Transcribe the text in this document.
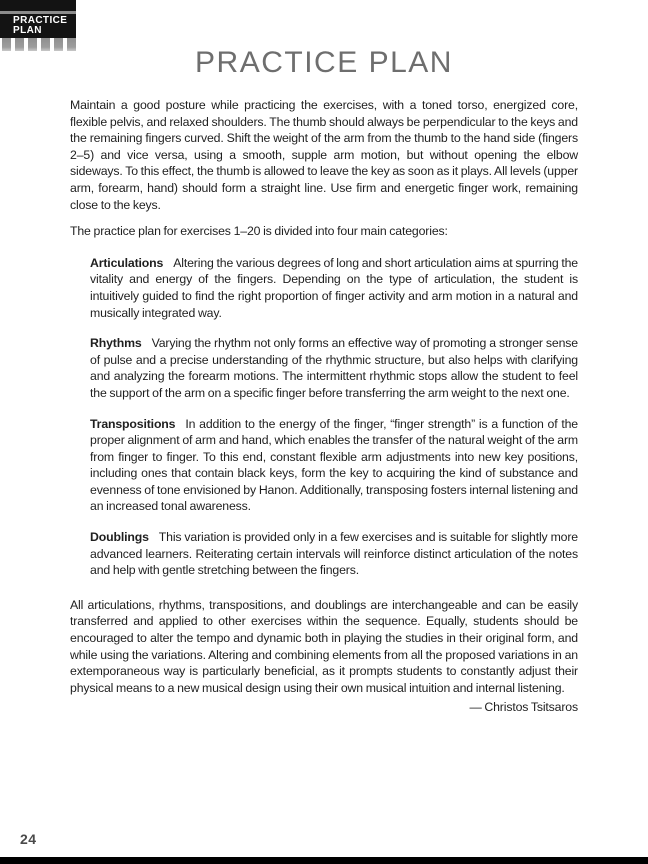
PRACTICE
PLAN
PRACTICE PLAN

Maintain a good posture while practicing the exercises, with a toned torso, energized core, flexible pelvis, and relaxed shoulders. The thumb should always be perpendicular to the keys and the remaining fingers curved. Shift the weight of the arm from the thumb to the hand side (fingers 2–5) and vice versa, using a smooth, supple arm motion, but without opening the elbow sideways. To this effect, the thumb is allowed to leave the key as soon as it plays. All levels (upper arm, forearm, hand) should form a straight line. Use firm and energetic finger work, remaining close to the keys.

The practice plan for exercises 1–20 is divided into four main categories:

Articulations Altering the various degrees of long and short articulation aims at spurring the vitality and energy of the fingers. Depending on the type of articulation, the student is intuitively guided to find the right proportion of finger activity and arm motion in a natural and musically integrated way.

Rhythms Varying the rhythm not only forms an effective way of promoting a stronger sense of pulse and a precise understanding of the rhythmic structure, but also helps with clarifying and analyzing the forearm motions. The intermittent rhythmic stops allow the student to feel the support of the arm on a specific finger before transferring the arm weight to the next one.

Transpositions In addition to the energy of the finger, “finger strength” is a function of the proper alignment of arm and hand, which enables the transfer of the natural weight of the arm from finger to finger. To this end, constant flexible arm adjustments into new key positions, including ones that contain black keys, form the key to acquiring the kind of substance and evenness of tone envisioned by Hanon. Additionally, transposing fosters internal listening and an increased tonal awareness.

Doublings This variation is provided only in a few exercises and is suitable for slightly more advanced learners. Reiterating certain intervals will reinforce distinct articulation of the notes and help with gentle stretching between the fingers.

All articulations, rhythms, transpositions, and doublings are interchangeable and can be easily transferred and applied to other exercises within the sequence. Equally, students should be encouraged to alter the tempo and dynamic both in playing the studies in their original form, and while using the variations. Altering and combining elements from all the proposed variations in an extemporaneous way is particularly beneficial, as it prompts students to constantly adjust their physical means to a new musical design using their own musical intuition and internal listening.

— Christos Tsitsaros

24
